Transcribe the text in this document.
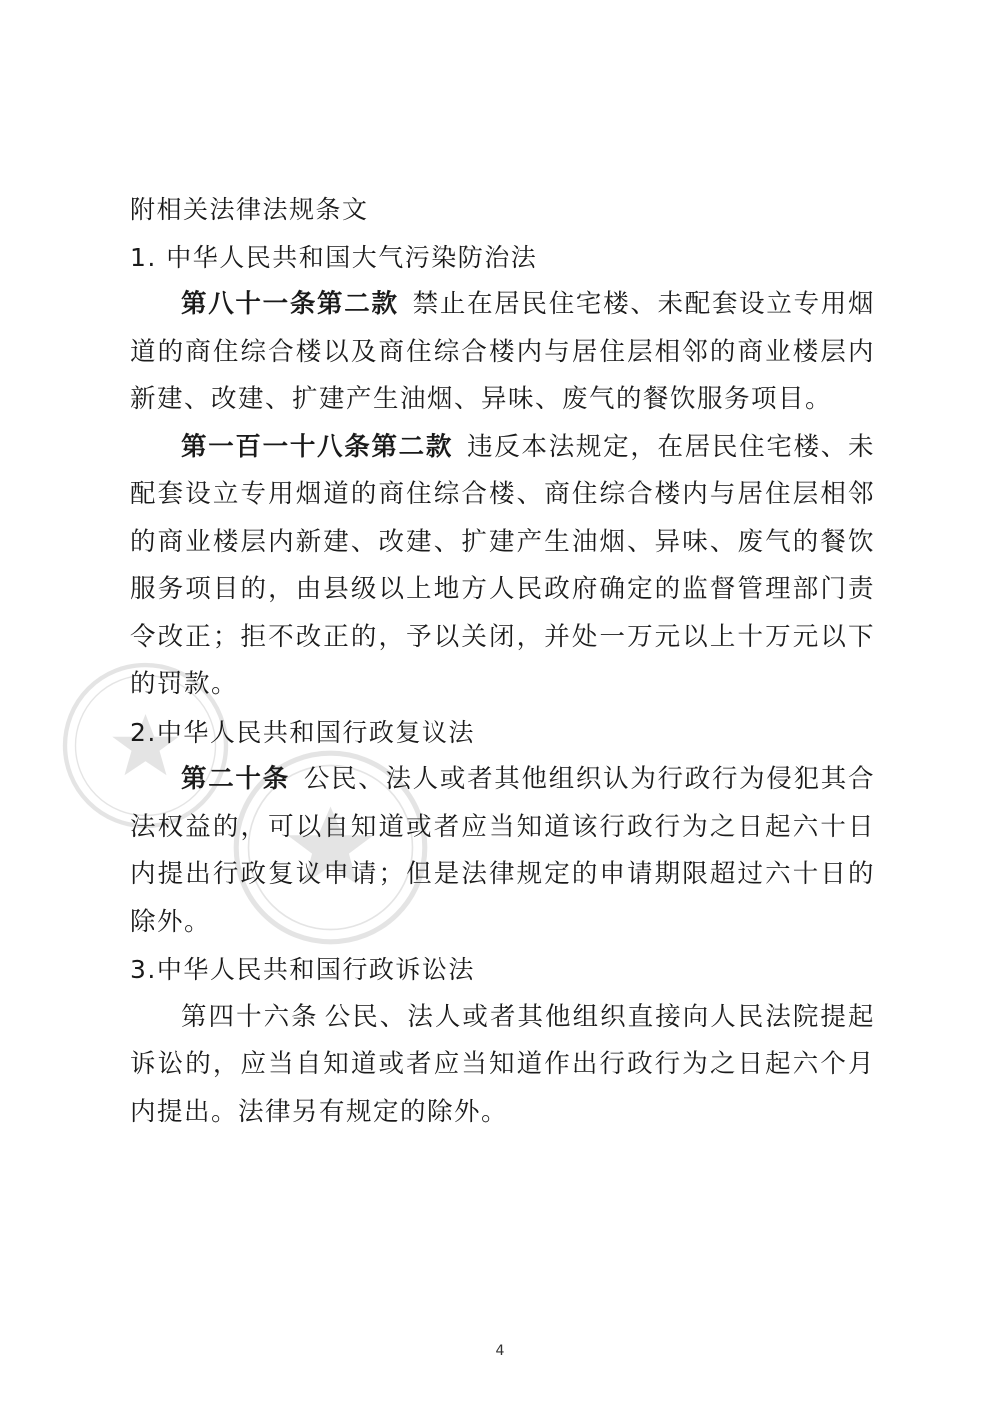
附相关法律法规条文

1. 中华人民共和国大气污染防治法

第八十一条第二款 禁止在居民住宅楼、未配套设立专用烟道的商住综合楼以及商住综合楼内与居住层相邻的商业楼层内新建、改建、扩建产生油烟、异味、废气的餐饮服务项目。

第一百一十八条第二款 违反本法规定，在居民住宅楼、未配套设立专用烟道的商住综合楼、商住综合楼内与居住层相邻的商业楼层内新建、改建、扩建产生油烟、异味、废气的餐饮服务项目的，由县级以上地方人民政府确定的监督管理部门责令改正；拒不改正的，予以关闭，并处一万元以上十万元以下的罚款。

2.中华人民共和国行政复议法

第二十条 公民、法人或者其他组织认为行政行为侵犯其合法权益的，可以自知道或者应当知道该行政行为之日起六十日内提出行政复议申请；但是法律规定的申请期限超过六十日的除外。

3.中华人民共和国行政诉讼法

第四十六条 公民、法人或者其他组织直接向人民法院提起诉讼的，应当自知道或者应当知道作出行政行为之日起六个月内提出。法律另有规定的除外。

4
